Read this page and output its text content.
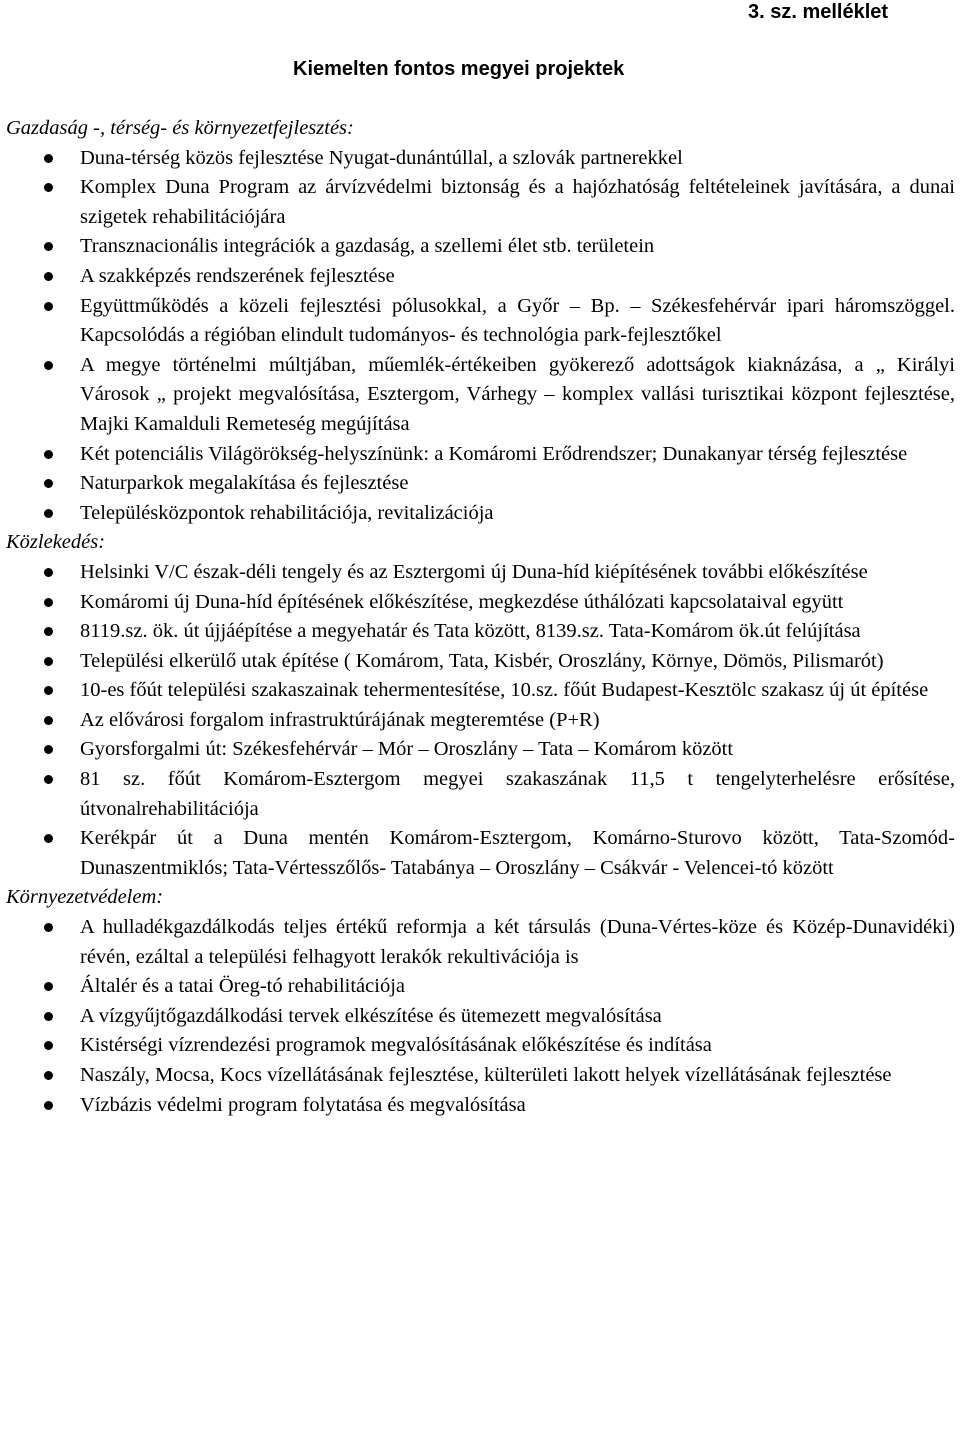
3. sz. melléklet
Kiemelten fontos megyei projektek

Gazdaság -, térség- és környezetfejlesztés:

Duna-térség közös fejlesztése Nyugat-dunántúllal, a szlovák partnerekkel
Komplex Duna Program az árvízvédelmi biztonság és a hajózhatóság feltételeinek javítására, a dunai szigetek rehabilitációjára
Transznacionális integrációk a gazdaság, a szellemi élet stb. területein
A szakképzés rendszerének fejlesztése
Együttműködés a közeli fejlesztési pólusokkal, a Győr – Bp. – Székesfehérvár ipari háromszöggel. Kapcsolódás a régióban elindult tudományos- és technológia park-fejlesztőkel
A megye történelmi múltjában, műemlék-értékeiben gyökerező adottságok kiaknázása, a „ Királyi Városok „ projekt megvalósítása, Esztergom, Várhegy – komplex vallási turisztikai központ fejlesztése, Majki Kamalduli Remeteség megújítása
Két potenciális Világörökség-helyszínünk: a Komáromi Erődrendszer; Dunakanyar térség fejlesztése
Naturparkok megalakítása és fejlesztése
Településközpontok rehabilitációja, revitalizációja

Közlekedés:

Helsinki V/C észak-déli tengely és az Esztergomi új Duna-híd kiépítésének további előkészítése
Komáromi új Duna-híd építésének előkészítése, megkezdése úthálózati kapcsolataival együtt
8119.sz. ök. út újjáépítése a megyehatár és Tata között, 8139.sz. Tata-Komárom ök.út felújítása
Települési elkerülő utak építése ( Komárom, Tata, Kisbér, Oroszlány, Környe, Dömös, Pilismarót)
10-es főút települési szakaszainak tehermentesítése, 10.sz. főút Budapest-Kesztölc szakasz új út építése
Az elővárosi forgalom infrastruktúrájának megteremtése (P+R)
Gyorsforgalmi út: Székesfehérvár – Mór – Oroszlány – Tata – Komárom között
81 sz. főút Komárom-Esztergom megyei szakaszának 11,5 t tengelyterhelésre erősítése, útvonalrehabilitációja
Kerékpár út a Duna mentén Komárom-Esztergom, Komárno-Sturovo között, Tata-Szomód-Dunaszentmiklós; Tata-Vértesszőlős- Tatabánya – Oroszlány – Csákvár - Velencei-tó között

Környezetvédelem:

A hulladékgazdálkodás teljes értékű reformja a két társulás (Duna-Vértes-köze és Közép-Dunavidéki) révén, ezáltal a települési felhagyott lerakók rekultivációja is
Általér és a tatai Öreg-tó rehabilitációja
A vízgyűjtőgazdálkodási tervek elkészítése és ütemezett megvalósítása
Kistérségi vízrendezési programok megvalósításának előkészítése és indítása
Naszály, Mocsa, Kocs vízellátásának fejlesztése, külterületi lakott helyek vízellátásának fejlesztése
Vízbázis védelmi program folytatása és megvalósítása
